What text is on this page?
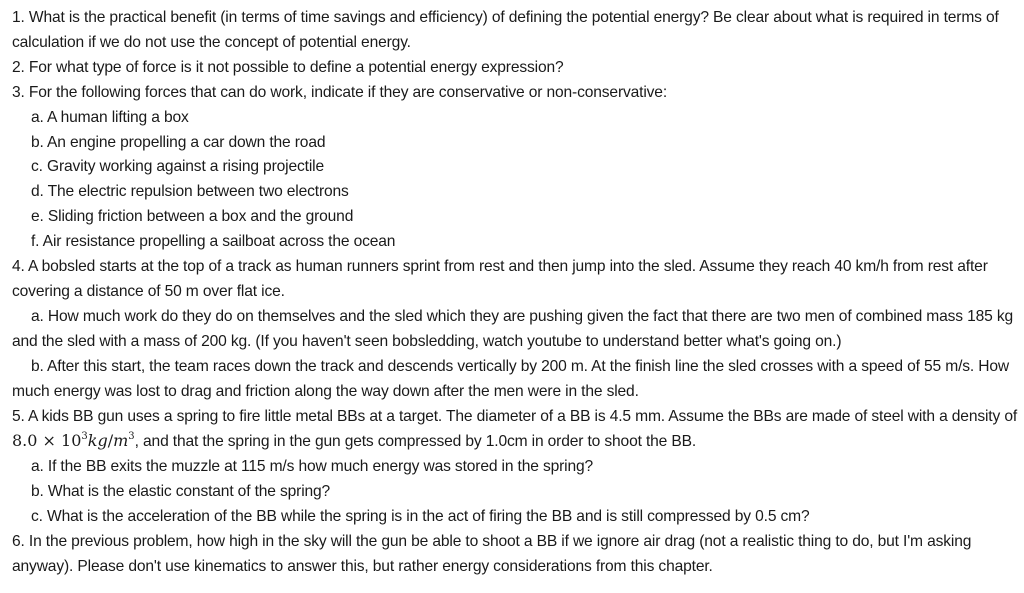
1. What is the practical benefit (in terms of time savings and efficiency) of defining the potential energy? Be clear about what is required in terms of calculation if we do not use the concept of potential energy.

2. For what type of force is it not possible to define a potential energy expression?

3. For the following forces that can do work, indicate if they are conservative or non-conservative:

a. A human lifting a box

b. An engine propelling a car down the road

c. Gravity working against a rising projectile

d. The electric repulsion between two electrons

e. Sliding friction between a box and the ground

f. Air resistance propelling a sailboat across the ocean

4. A bobsled starts at the top of a track as human runners sprint from rest and then jump into the sled. Assume they reach 40 km/h from rest after covering a distance of 50 m over flat ice.

a. How much work do they do on themselves and the sled which they are pushing given the fact that there are two men of combined mass 185 kg and the sled with a mass of 200 kg. (If you haven't seen bobsledding, watch youtube to understand better what's going on.)

b. After this start, the team races down the track and descends vertically by 200 m. At the finish line the sled crosses with a speed of 55 m/s. How much energy was lost to drag and friction along the way down after the men were in the sled.

5. A kids BB gun uses a spring to fire little metal BBs at a target. The diameter of a BB is 4.5 mm. Assume the BBs are made of steel with a density of $8.0 \times 10^3kg/m^3$, and that the spring in the gun gets compressed by 1.0cm in order to shoot the BB.

a. If the BB exits the muzzle at 115 m/s how much energy was stored in the spring?

b. What is the elastic constant of the spring?

c. What is the acceleration of the BB while the spring is in the act of firing the BB and is still compressed by 0.5 cm?

6. In the previous problem, how high in the sky will the gun be able to shoot a BB if we ignore air drag (not a realistic thing to do, but I'm asking anyway). Please don't use kinematics to answer this, but rather energy considerations from this chapter.
